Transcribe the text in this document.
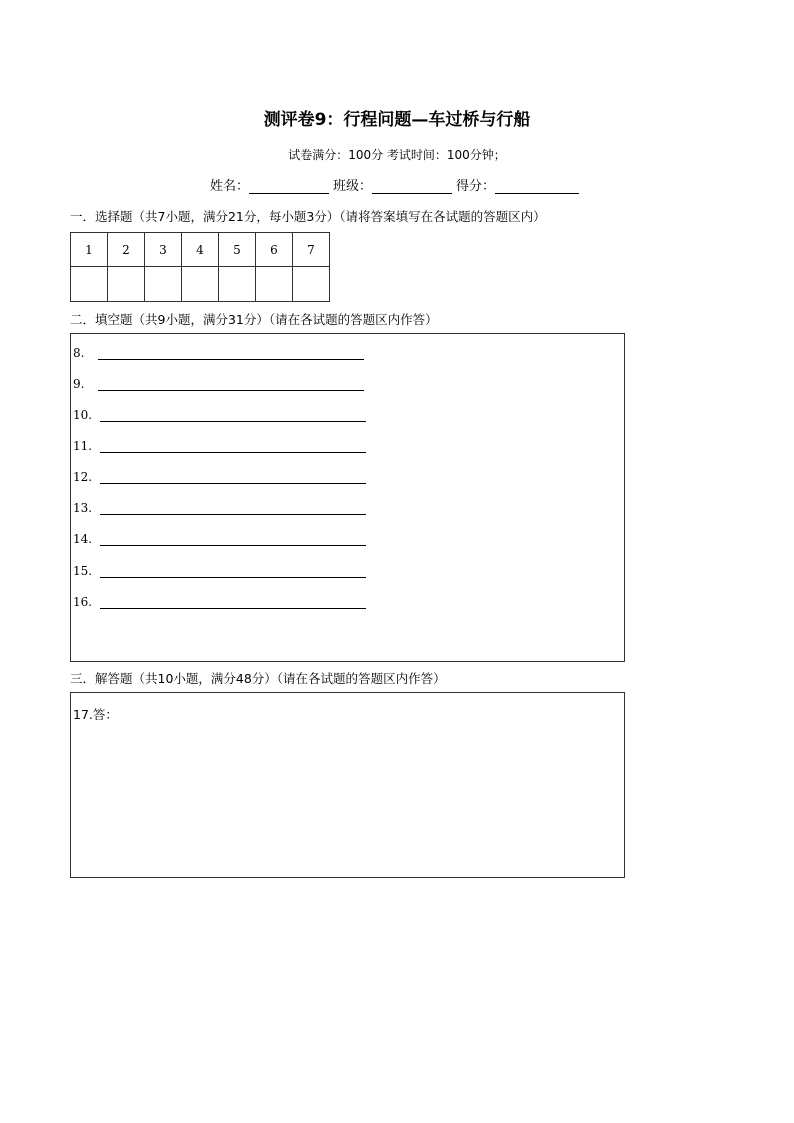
测评卷9：行程问题—车过桥与行船
试卷满分：100分 考试时间：100分钟；
姓名：	班级：	得分：
一．选择题（共7小题，满分21分，每小题3分）（请将答案填写在各试题的答题区内）
1	2	3	4	5	6	7

二．填空题（共9小题，满分31分）（请在各试题的答题区内作答）
8.
9.
10.
11.
12.
13.
14.
15.
16.
三．解答题（共10小题，满分48分）（请在各试题的答题区内作答）
17.答：
